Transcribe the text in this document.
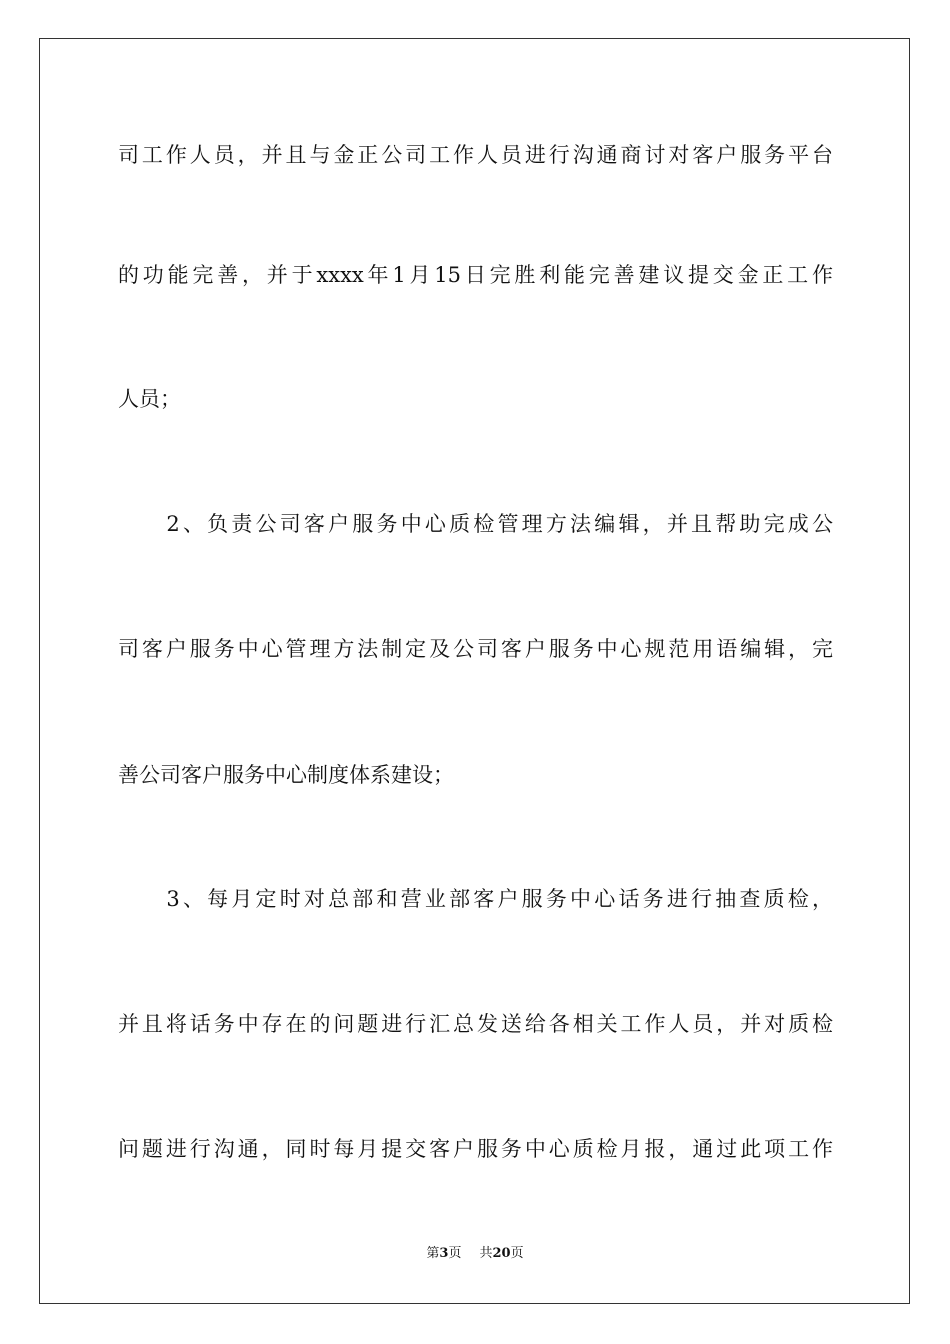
司工作人员，并且与金正公司工作人员进行沟通商讨对客户服务平台
的功能完善，并于xxxx年1月15日完胜利能完善建议提交金正工作
人员；
　　2、负责公司客户服务中心质检管理方法编辑，并且帮助完成公
司客户服务中心管理方法制定及公司客户服务中心规范用语编辑，完
善公司客户服务中心制度体系建设；
　　3、每月定时对总部和营业部客户服务中心话务进行抽查质检，
并且将话务中存在的问题进行汇总发送给各相关工作人员，并对质检
问题进行沟通，同时每月提交客户服务中心质检月报，通过此项工作
第3页 共20页
